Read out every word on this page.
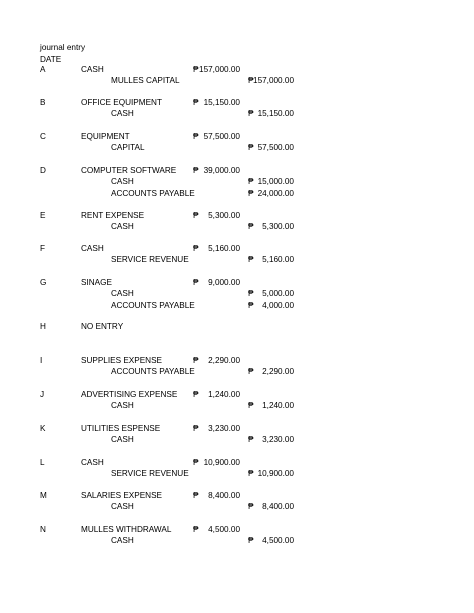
journal entry
DATE
A	CASH	₱ 157,000.00
MULLES CAPITAL	₱ 157,000.00
B	OFFICE EQUIPMENT	₱ 15,150.00
CASH	₱ 15,150.00
C	EQUIPMENT	₱ 57,500.00
CAPITAL	₱ 57,500.00
D	COMPUTER SOFTWARE ₱ 39,000.00
CASH	₱ 15,000.00
ACCOUNTS PAYABLE	₱ 24,000.00
E	RENT EXPENSE	₱ 5,300.00
CASH	₱ 5,300.00
F	CASH	₱ 5,160.00
SERVICE REVENUE	₱ 5,160.00
G	SINAGE	₱ 9,000.00
CASH	₱ 5,000.00
ACCOUNTS PAYABLE	₱ 4,000.00
H	NO ENTRY
I	SUPPLIES EXPENSE	₱ 2,290.00
ACCOUNTS PAYABLE	₱ 2,290.00
J	ADVERTISING EXPENSE ₱ 1,240.00
CASH	₱ 1,240.00
K	UTILITIES ESPENSE	₱ 3,230.00
CASH	₱ 3,230.00
L	CASH	₱ 10,900.00
SERVICE REVENUE	₱ 10,900.00
M	SALARIES EXPENSE	₱ 8,400.00
CASH	₱ 8,400.00
N	MULLES WITHDRAWAL	₱ 4,500.00
CASH	₱ 4,500.00
